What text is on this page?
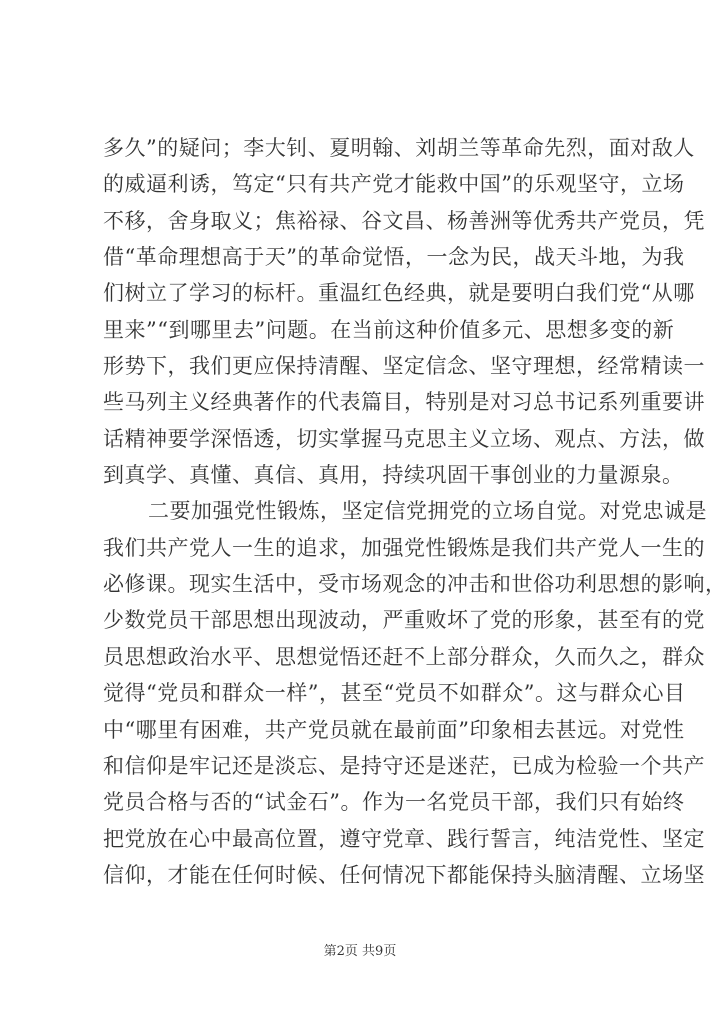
多久”的疑问；李大钊、夏明翰、刘胡兰等革命先烈，面对敌人
的威逼利诱，笃定“只有共产党才能救中国”的乐观坚守，立场
不移，舍身取义；焦裕禄、谷文昌、杨善洲等优秀共产党员，凭
借“革命理想高于天”的革命觉悟，一念为民，战天斗地，为我
们树立了学习的标杆。重温红色经典，就是要明白我们党“从哪
里来”“到哪里去”问题。在当前这种价值多元、思想多变的新
形势下，我们更应保持清醒、坚定信念、坚守理想，经常精读一
些马列主义经典著作的代表篇目，特别是对习总书记系列重要讲
话精神要学深悟透，切实掌握马克思主义立场、观点、方法，做
到真学、真懂、真信、真用，持续巩固干事创业的力量源泉。
二要加强党性锻炼，坚定信党拥党的立场自觉。对党忠诚是
我们共产党人一生的追求，加强党性锻炼是我们共产党人一生的
必修课。现实生活中，受市场观念的冲击和世俗功利思想的影响，
少数党员干部思想出现波动，严重败坏了党的形象，甚至有的党
员思想政治水平、思想觉悟还赶不上部分群众，久而久之，群众
觉得“党员和群众一样”，甚至“党员不如群众”。这与群众心目
中“哪里有困难，共产党员就在最前面”印象相去甚远。对党性
和信仰是牢记还是淡忘、是持守还是迷茫，已成为检验一个共产
党员合格与否的“试金石”。作为一名党员干部，我们只有始终
把党放在心中最高位置，遵守党章、践行誓言，纯洁党性、坚定
信仰，才能在任何时候、任何情况下都能保持头脑清醒、立场坚
第2页 共9页
